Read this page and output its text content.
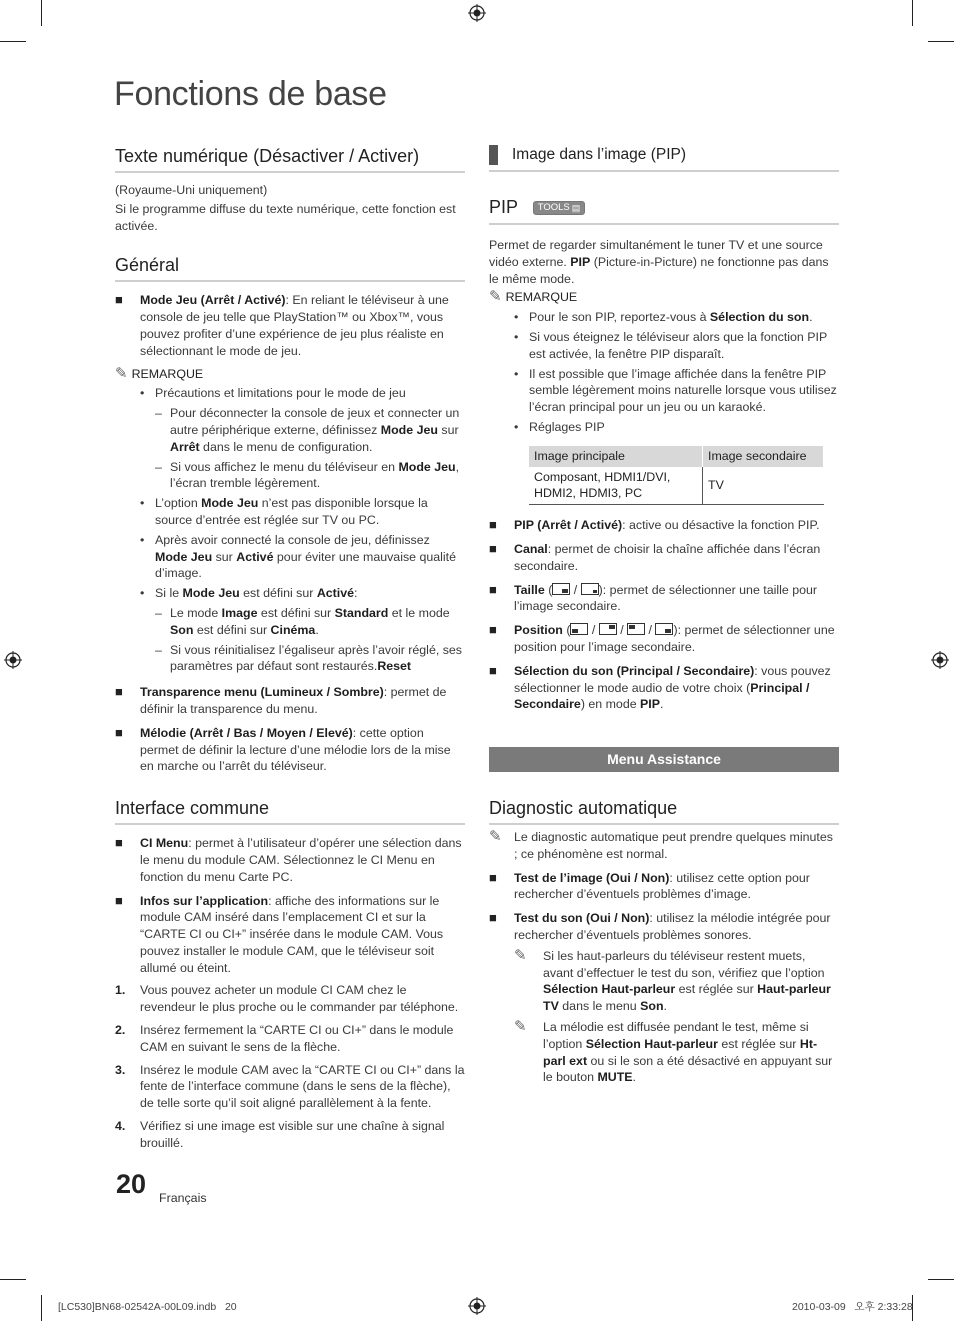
Fonctions de base
Texte numérique (Désactiver / Activer)

(Royaume-Uni uniquement)

Si le programme diffuse du texte numérique, cette fonction est activée.

Général
■	Mode Jeu (Arrêt / Activé): En reliant le téléviseur à une console de jeu telle que PlayStation™ ou Xbox™, vous pouvez profiter d’une expérience de jeu plus réaliste en sélectionnant le mode de jeu.
✎ REMARQUE
• Précautions et limitations pour le mode de jeu
– Pour déconnecter la console de jeux et connecter un autre périphérique externe, définissez Mode Jeu sur Arrêt dans le menu de configuration.
– Si vous affichez le menu du téléviseur en Mode Jeu, l’écran tremble légèrement.
• L’option Mode Jeu n’est pas disponible lorsque la source d’entrée est réglée sur TV ou PC.
• Après avoir connecté la console de jeu, définissez Mode Jeu sur Activé pour éviter une mauvaise qualité d’image.
• Si le Mode Jeu est défini sur Activé:
– Le mode Image est défini sur Standard et le mode Son est défini sur Cinéma.
– Si vous réinitialisez l’égaliseur après l’avoir réglé, ses paramètres par défaut sont restaurés.Reset
■	Transparence menu (Lumineux / Sombre): permet de définir la transparence du menu.
■	Mélodie (Arrêt / Bas / Moyen / Elevé): cette option permet de définir la lecture d’une mélodie lors de la mise en marche ou l’arrêt du téléviseur.
Interface commune
■	CI Menu: permet à l’utilisateur d’opérer une sélection dans le menu du module CAM. Sélectionnez le CI Menu en fonction du menu Carte PC.
■	Infos sur l’application: affiche des informations sur le module CAM inséré dans l’emplacement CI et sur la “CARTE CI ou CI+” insérée dans le module CAM. Vous pouvez installer le module CAM, que le téléviseur soit allumé ou éteint.
1.	Vous pouvez acheter un module CI CAM chez le revendeur le plus proche ou le commander par téléphone.
2.	Insérez fermement la “CARTE CI ou CI+” dans le module CAM en suivant le sens de la flèche.
3.	Insérez le module CAM avec la “CARTE CI ou CI+” dans la fente de l’interface commune (dans le sens de la flèche), de telle sorte qu’il soit aligné parallèlement à la fente.
4.	Vérifiez si une image est visible sur une chaîne à signal brouillé.
Image dans l’image (PIP)
PIP TOOLS ▤

Permet de regarder simultanément le tuner TV et une source vidéo externe. PIP (Picture-in-Picture) ne fonctionne pas dans le même mode.

✎ REMARQUE
• Pour le son PIP, reportez-vous à Sélection du son.
• Si vous éteignez le téléviseur alors que la fonction PIP est activée, la fenêtre PIP disparaît.
• Il est possible que l’image affichée dans la fenêtre PIP semble légèrement moins naturelle lorsque vous utilisez l’écran principal pour un jeu ou un karaoké.
• Réglages PIP
Image principale	Image secondaire
Composant, HDMI1/DVI, HDMI2, HDMI3, PC	TV
■	PIP (Arrêt / Activé): active ou désactive la fonction PIP.
■	Canal: permet de choisir la chaîne affichée dans l’écran secondaire.
■	Taille (
/
): permet de sélectionner une taille pour l’image secondaire.
■	Position (
/
/
/
): permet de sélectionner une position pour l’image secondaire.
■	Sélection du son (Principal / Secondaire): vous pouvez sélectionner le mode audio de votre choix (Principal / Secondaire) en mode PIP.
Menu Assistance
Diagnostic automatique
✎	Le diagnostic automatique peut prendre quelques minutes ; ce phénomène est normal.
■	Test de l’image (Oui / Non): utilisez cette option pour rechercher d’éventuels problèmes d’image.
■	Test du son (Oui / Non): utilisez la mélodie intégrée pour rechercher d’éventuels problèmes sonores.
✎	Si les haut-parleurs du téléviseur restent muets, avant d’effectuer le test du son, vérifiez que l’option Sélection Haut-parleur est réglée sur Haut-parleur TV dans le menu Son.
✎	La mélodie est diffusée pendant le test, même si l’option Sélection Haut-parleur est réglée sur Ht-parl ext ou si le son a été désactivé en appuyant sur le bouton MUTE.
20 Français
[LC530]BN68-02542A-00L09.indb   20	2010-03-09   오후 2:33:28
